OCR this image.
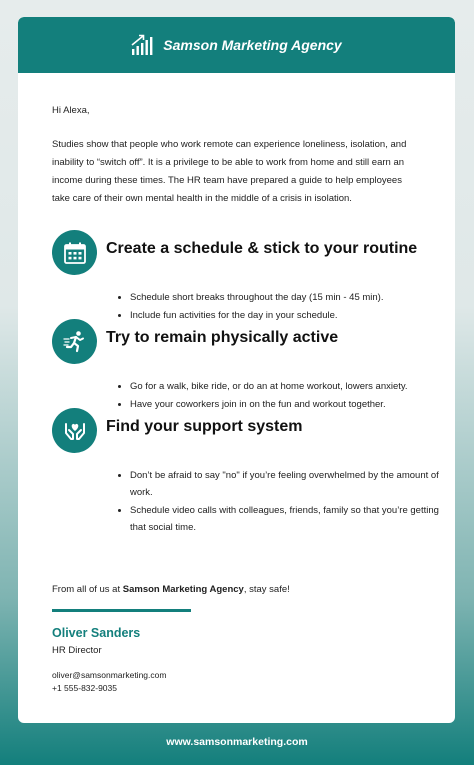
Samson Marketing Agency
Hi Alexa,
Studies show that people who work remote can experience loneliness, isolation, and inability to “switch off”. It is a privilege to be able to work from home and still earn an income during these times. The HR team have prepared a guide to help employees take care of their own mental health in the middle of a crisis in isolation.
Create a schedule & stick to your routine
• Schedule short breaks throughout the day (15 min - 45 min).
• Include fun activities for the day in your schedule.
Try to remain physically active
• Go for a walk, bike ride, or do an at home workout, lowers anxiety.
• Have your coworkers join in on the fun and workout together.
Find your support system
• Don’t be afraid to say "no" if you’re feeling overwhelmed by the amount of work.
• Schedule video calls with colleagues, friends, family so that you’re getting that social time.
From all of us at Samson Marketing Agency, stay safe!
Oliver Sanders
HR Director
oliver@samsonmarketing.com
+1 555-832-9035
www.samsonmarketing.com
